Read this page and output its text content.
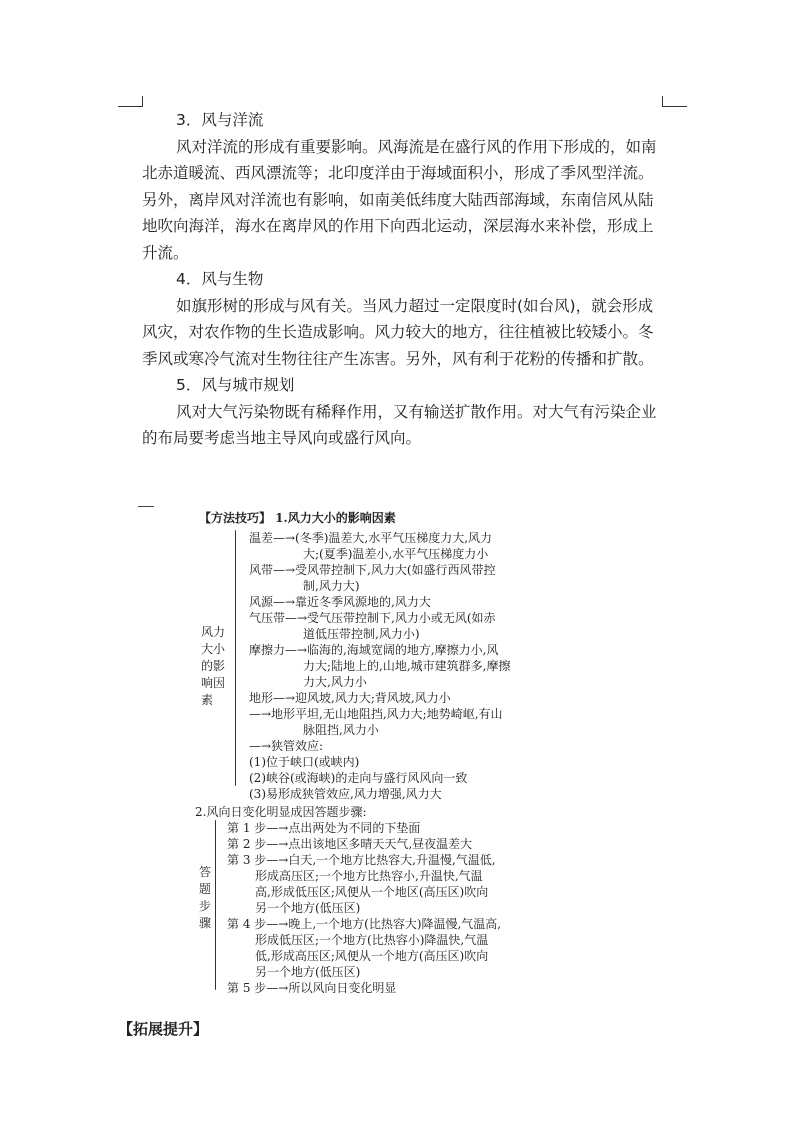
3．风与洋流

风对洋流的形成有重要影响。风海流是在盛行风的作用下形成的，如南北赤道暖流、西风漂流等；北印度洋由于海域面积小，形成了季风型洋流。另外，离岸风对洋流也有影响，如南美低纬度大陆西部海域，东南信风从陆地吹向海洋，海水在离岸风的作用下向西北运动，深层海水来补偿，形成上升流。

4．风与生物

如旗形树的形成与风有关。当风力超过一定限度时(如台风)，就会形成风灾，对农作物的生长造成影响。风力较大的地方，往往植被比较矮小。冬季风或寒冷气流对生物往往产生冻害。另外，风有利于花粉的传播和扩散。

5．风与城市规划

风对大气污染物既有稀释作用，又有输送扩散作用。对大气有污染企业的布局要考虑当地主导风向或盛行风向。

【方法技巧】 1.风力大小的影响因素
风力大小的影响因素
温差—→(冬季)温差大,水平气压梯度力大,风力
大;(夏季)温差小,水平气压梯度力小
风带—→受风带控制下,风力大(如盛行西风带控
制,风力大)
风源—→靠近冬季风源地的,风力大
气压带—→受气压带控制下,风力小或无风(如赤
道低压带控制,风力小)
摩擦力—→临海的,海域宽阔的地方,摩擦力小,风
力大;陆地上的,山地,城市建筑群多,摩擦
力大,风力小
地形—→迎风坡,风力大;背风坡,风力小
—→地形平坦,无山地阻挡,风力大;地势崎岖,有山
脉阻挡,风力小
—→狭管效应:
(1)位于峡口(或峡内)
(2)峡谷(或海峡)的走向与盛行风风向一致
(3)易形成狭管效应,风力增强,风力大
2.风向日变化明显成因答题步骤:
答题步骤
第 1 步—→点出两处为不同的下垫面
第 2 步—→点出该地区多晴天天气,昼夜温差大
第 3 步—→白天,一个地方比热容大,升温慢,气温低,
形成高压区;一个地方比热容小,升温快,气温
高,形成低压区;风便从一个地区(高压区)吹向
另一个地方(低压区)
第 4 步—→晚上,一个地方(比热容大)降温慢,气温高,
形成低压区;一个地方(比热容小)降温快,气温
低,形成高压区;风便从一个地方(高压区)吹向
另一个地方(低压区)
第 5 步—→所以风向日变化明显
【拓展提升】
